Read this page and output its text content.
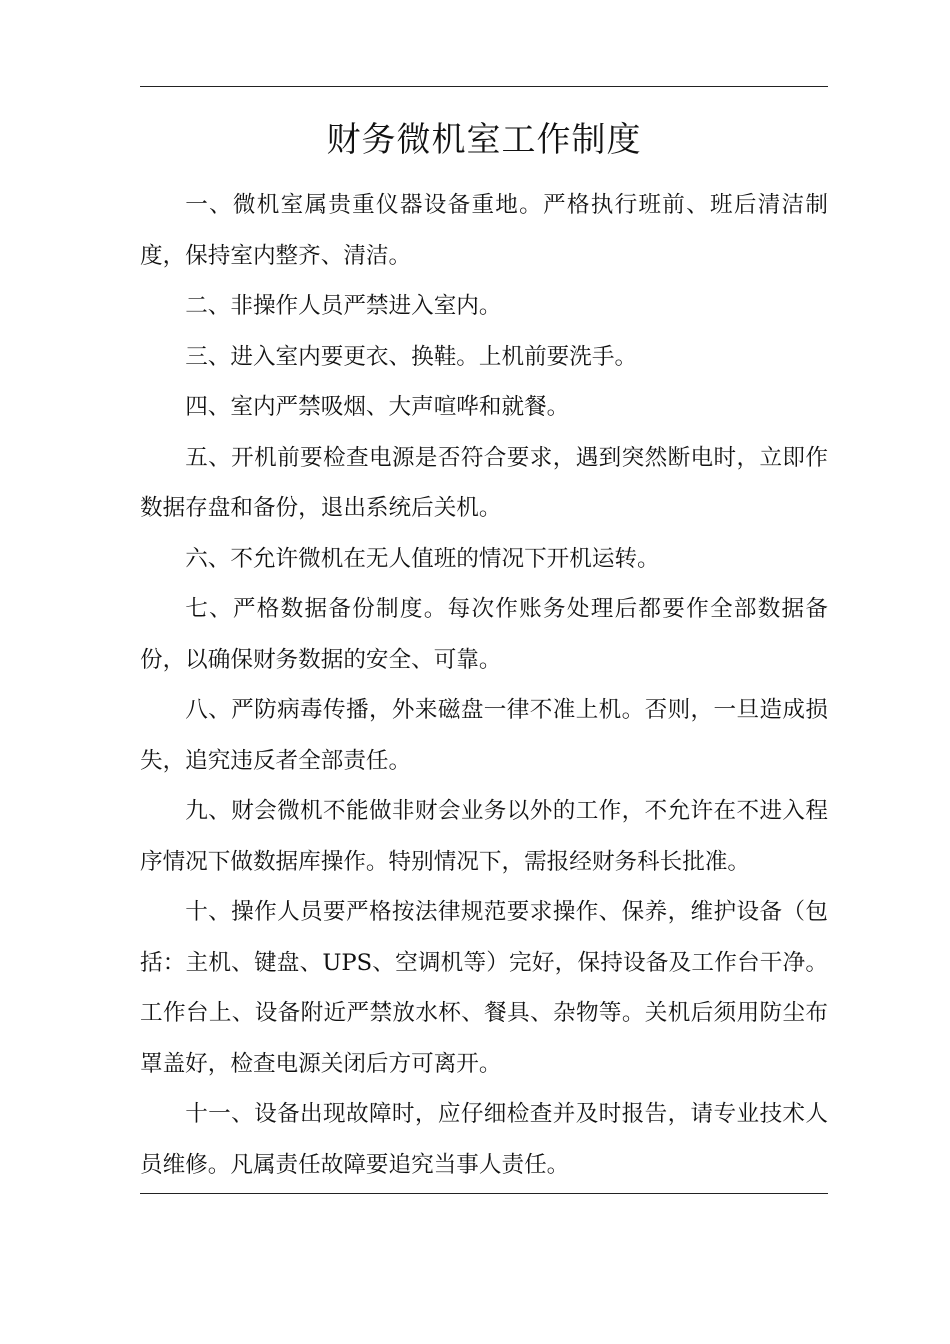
财务微机室工作制度

一、微机室属贵重仪器设备重地。严格执行班前、班后清洁制度，保持室内整齐、清洁。

二、非操作人员严禁进入室内。

三、进入室内要更衣、换鞋。上机前要洗手。

四、室内严禁吸烟、大声喧哗和就餐。

五、开机前要检查电源是否符合要求，遇到突然断电时，立即作数据存盘和备份，退出系统后关机。

六、不允许微机在无人值班的情况下开机运转。

七、严格数据备份制度。每次作账务处理后都要作全部数据备份，以确保财务数据的安全、可靠。

八、严防病毒传播，外来磁盘一律不准上机。否则，一旦造成损失，追究违反者全部责任。

九、财会微机不能做非财会业务以外的工作，不允许在不进入程序情况下做数据库操作。特别情况下，需报经财务科长批准。

十、操作人员要严格按法律规范要求操作、保养，维护设备（包括：主机、键盘、UPS、空调机等）完好，保持设备及工作台干净。工作台上、设备附近严禁放水杯、餐具、杂物等。关机后须用防尘布罩盖好，检查电源关闭后方可离开。

十一、设备出现故障时，应仔细检查并及时报告，请专业技术人员维修。凡属责任故障要追究当事人责任。
